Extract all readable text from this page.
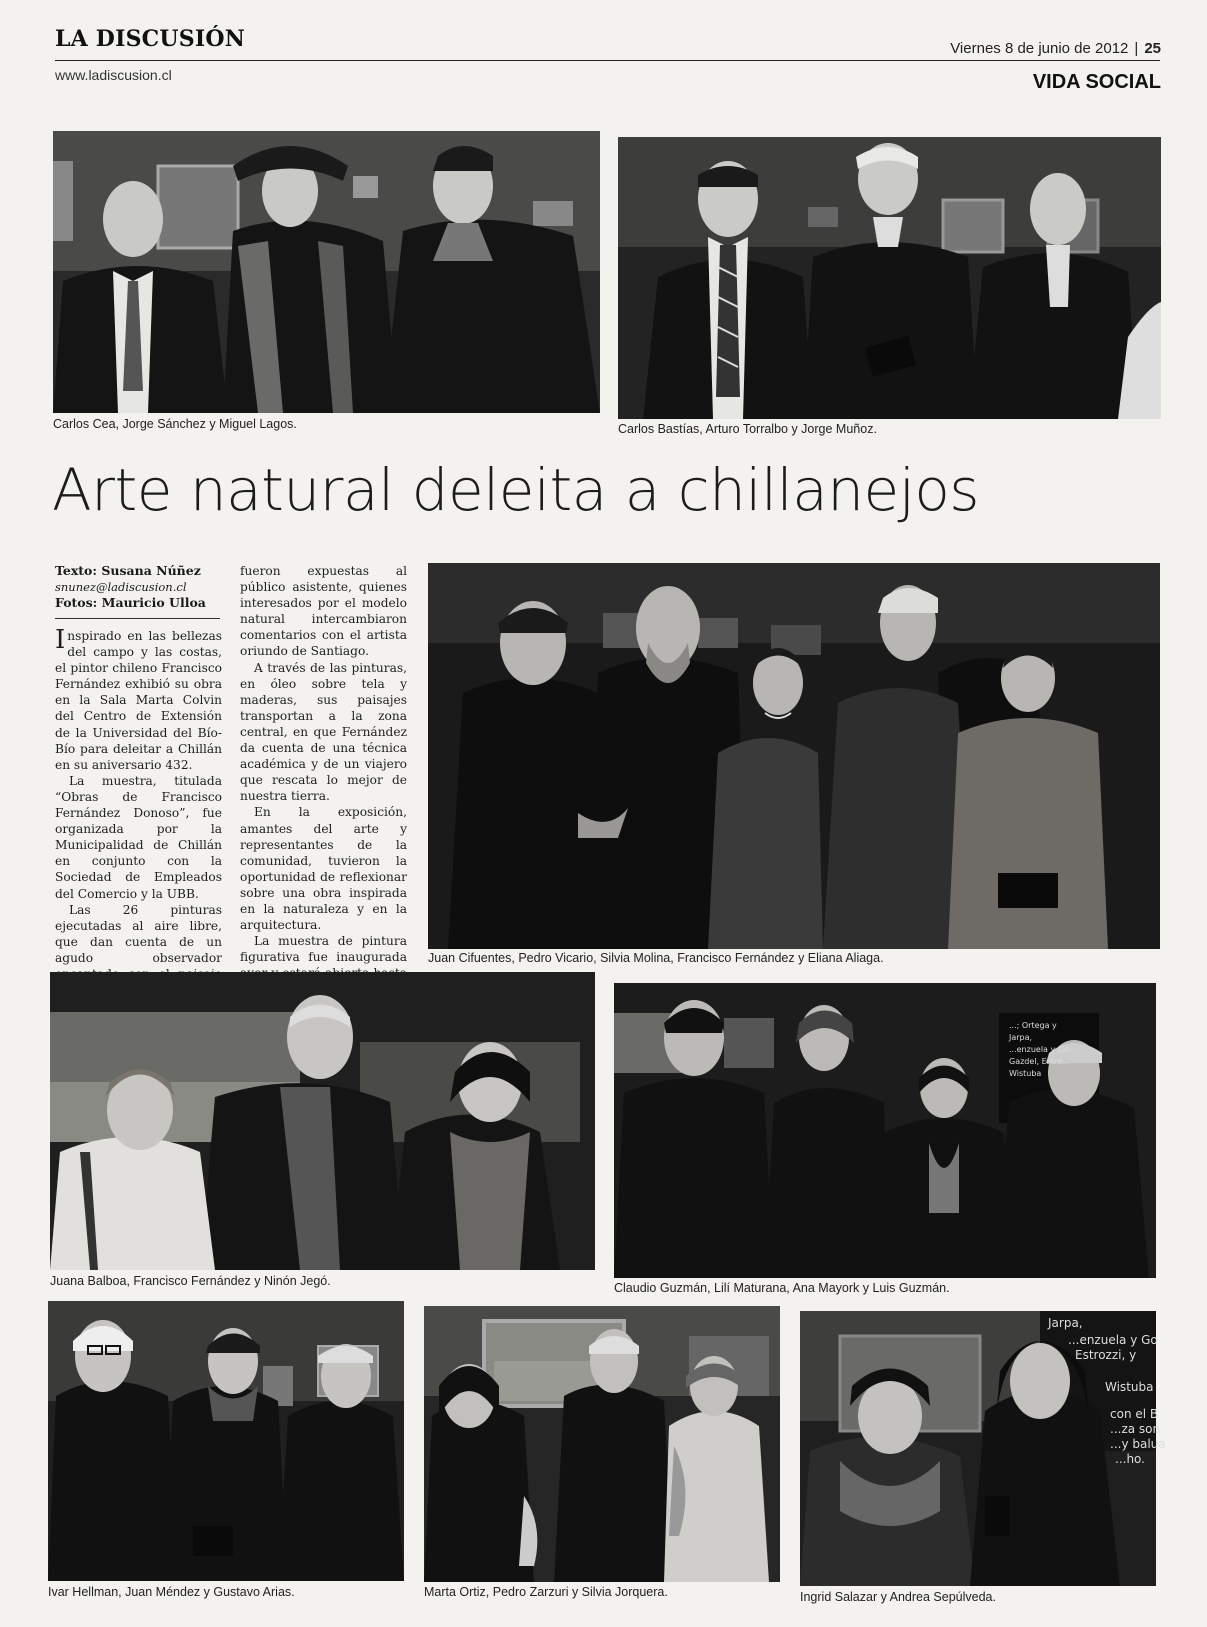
LA DISCUSIÓN	Viernes 8 de junio de 2012 | 25
www.ladiscusion.cl	VIDA SOCIAL
Carlos Cea, Jorge Sánchez y Miguel Lagos.	Carlos Bastías, Arturo Torralbo y Jorge Muñoz.
Arte natural deleita a chillanejos
Texto: Susana Núñez
snunez@ladiscusion.cl
Fotos: Mauricio Ulloa

Inspirado en las bellezas del campo y las costas, el pintor chileno Francisco Fernández exhibió su obra en la Sala Marta Colvin del Centro de Extensión de la Universidad del Bío-Bío para deleitar a Chillán en su aniversario 432.

La muestra, titulada “Obras de Francisco Fernández Donoso”, fue organizada por la Municipalidad de Chillán en conjunto con la Sociedad de Empleados del Comercio y la UBB.

Las 26 pinturas ejecutadas al aire libre, que dan cuenta de un agudo observador

fueron expuestas al público asistente, quienes interesados por el modelo natural intercambiaron comentarios con el artista oriundo de Santiago.

A través de las pinturas, en óleo sobre tela y maderas, sus paisajes transportan a la zona central, en que Fernández da cuenta de una técnica académica y de un viajero que rescata lo mejor de nuestra tierra.

En la exposición, amantes del arte y representantes de la comunidad, tuvieron la oportunidad de reflexionar sobre una obra inspirada en la naturaleza y en la arquitectura.

La muestra de pintura figurativa fue inaugurada Juan Cifuentes, Pedro Vicario, Silvia Molina, Francisco Fernández y Eliana Aliaga.
Juana Balboa, Francisco Fernández y Ninón Jegó.
...; Ortega y
Jarpa,
...enzuela y Go...
Gazdel, Estro...
Wistuba
Claudio Guzmán, Lilí Maturana, Ana Mayork y Luis Guzmán.
Ivar Hellman, Juan Méndez y Gustavo Arias.	Marta Ortiz, Pedro Zarzuri y Silvia Jorquera.
Jarpa,
...enzuela y Go
Estrozzi, y
Wistuba
con el B
...za son
...y balua
...ho.
Ingrid Salazar y Andrea Sepúlveda.
